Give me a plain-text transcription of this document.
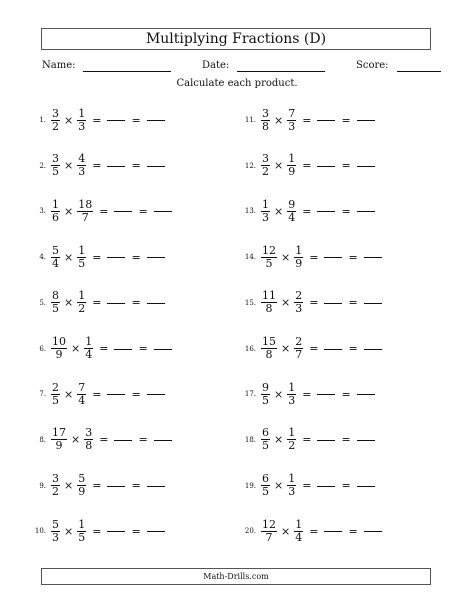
Multiplying Fractions (D)
Name:	Date:	Score:
Calculate each product.
1. $\frac{3}{2} \times \frac{1}{3}$ =	=
2. $\frac{3}{5} \times \frac{4}{3}$ =	=
3. $\frac{1}{6} \times \frac{18}{7}$ =	=
4. $\frac{5}{4} \times \frac{1}{5}$ =	=
5. $\frac{8}{5} \times \frac{1}{2}$ =	=
6. $\frac{10}{9} \times \frac{1}{4}$ =	=
7. $\frac{2}{5} \times \frac{7}{4}$ =	=
8. $\frac{17}{9} \times \frac{3}{8}$ =	=
9. $\frac{3}{2} \times \frac{5}{9}$ =	=
10. $\frac{5}{3} \times \frac{1}{5}$ =	=
11. $\frac{3}{8} \times \frac{7}{3}$ =	=
12. $\frac{3}{2} \times \frac{1}{9}$ =	=
13. $\frac{1}{3} \times \frac{9}{4}$ =	=
14. $\frac{12}{5} \times \frac{1}{9}$ =	=
15. $\frac{11}{8} \times \frac{2}{3}$ =	=
16. $\frac{15}{8} \times \frac{2}{7}$ =	=
17. $\frac{9}{5} \times \frac{1}{3}$ =	=
18. $\frac{6}{5} \times \frac{1}{2}$ =	=
19. $\frac{6}{5} \times \frac{1}{3}$ =	=
20. $\frac{12}{7} \times \frac{1}{4}$ =	=
Math-Drills.com
